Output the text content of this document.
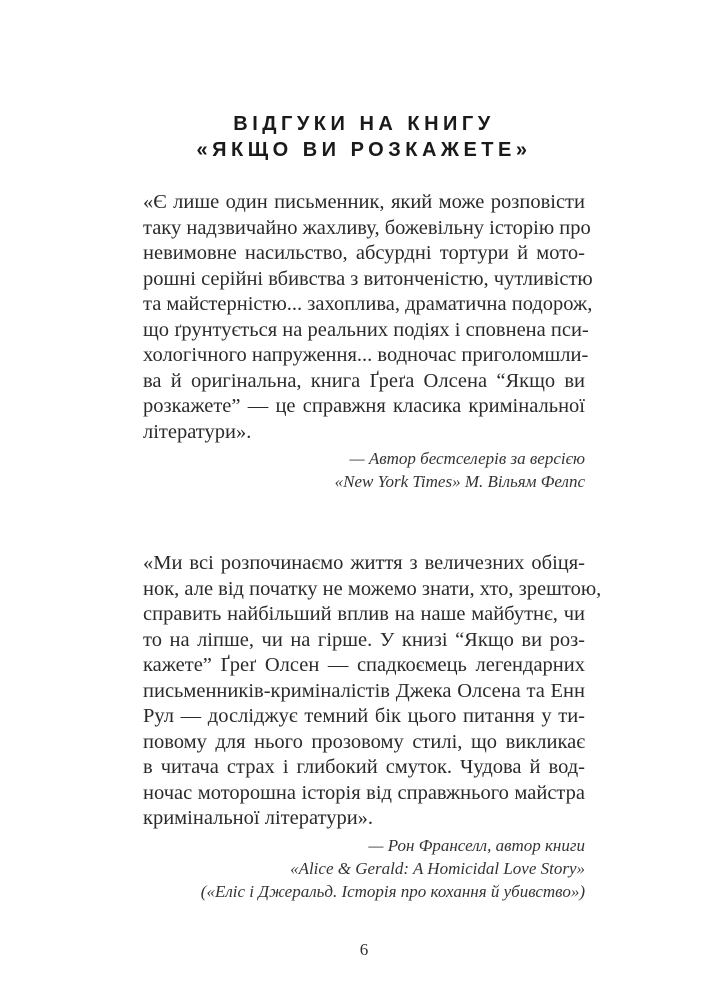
ВІДГУКИ НА КНИГУ
«ЯКЩО ВИ РОЗКАЖЕТЕ»
«Є лише один письменник, який може розповісти
таку надзвичайно жахливу, божевільну історію про
невимовне насильство, абсурдні тортури й мото-
рошні серійні вбивства з витонченістю, чутливістю
та майстерністю... захоплива, драматична подорож,
що ґрунтується на реальних подіях і сповнена пси-
хологічного напруження... водночас приголомшли-
ва й оригінальна, книга Ґреґа Олсена “Якщо ви
розкажете” — це справжня класика кримінальної
літератури».
— Автор бестселерів за версією
«New York Times» М. Вільям Фелпс
«Ми всі розпочинаємо життя з величезних обіця-
нок, але від початку не можемо знати, хто, зрештою,
справить найбільший вплив на наше майбутнє, чи
то на ліпше, чи на гірше. У книзі “Якщо ви роз-
кажете” Ґреґ Олсен — спадкоємець легендарних
письменників-криміналістів Джека Олсена та Енн
Рул — досліджує темний бік цього питання у ти-
повому для нього прозовому стилі, що викликає
в читача страх і глибокий смуток. Чудова й вод-
ночас моторошна історія від справжнього майстра
кримінальної літератури».
— Рон Франселл, автор книги
«Alice & Gerald: A Homicidal Love Story»
(«Еліс і Джеральд. Історія про кохання й убивство»)
6
